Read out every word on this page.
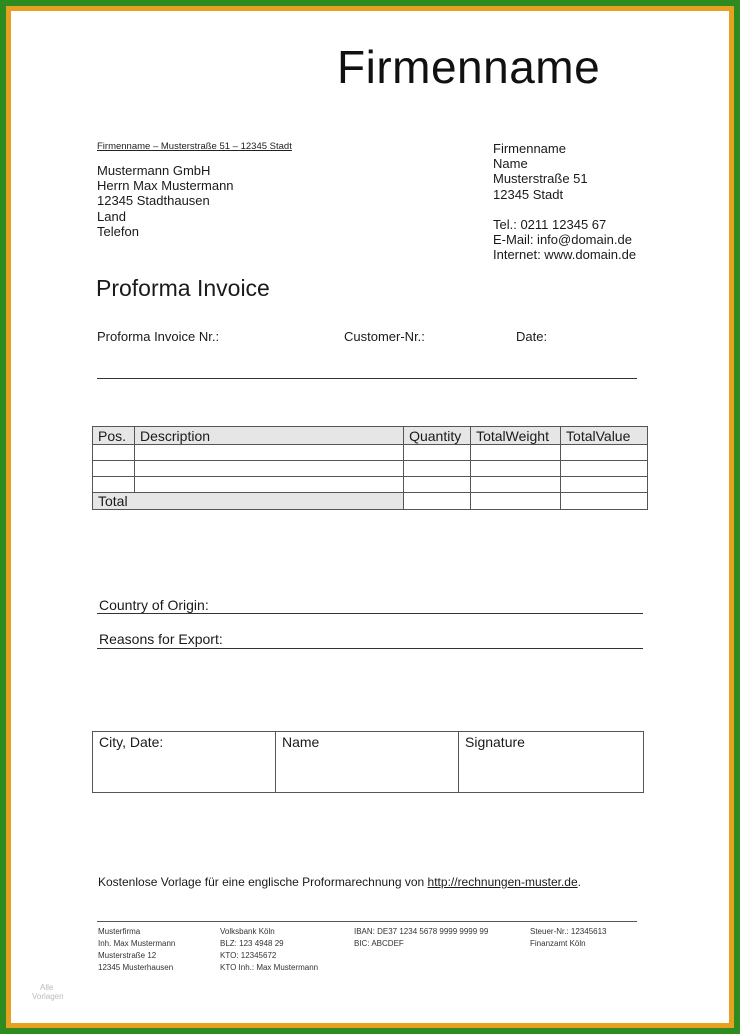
Firmenname
Firmenname – Musterstraße 51 – 12345 Stadt
Mustermann GmbH
Herrn Max Mustermann
12345 Stadthausen
Land
Telefon
Firmenname
Name
Musterstraße 51
12345 Stadt
Tel.: 0211 12345 67
E-Mail: info@domain.de
Internet: www.domain.de
Proforma Invoice
Proforma Invoice Nr.:	Customer-Nr.:	Date:
Pos.	Description	Quantity	TotalWeight	TotalValue

Total				
Country of Origin:
Reasons for Export:
City, Date:	Name	Signature
Kostenlose Vorlage für eine englische Proformarechnung von http://rechnungen-muster.de.
Musterfirma
Inh. Max Mustermann
Musterstraße 12
12345 Musterhausen
Volksbank Köln
BLZ: 123 4948 29
KTO: 12345672
KTO Inh.: Max Mustermann
IBAN: DE37 1234 5678 9999 9999 99
BIC: ABCDEF
Steuer-Nr.: 12345613
Finanzamt Köln
Alle
Vorlagen
